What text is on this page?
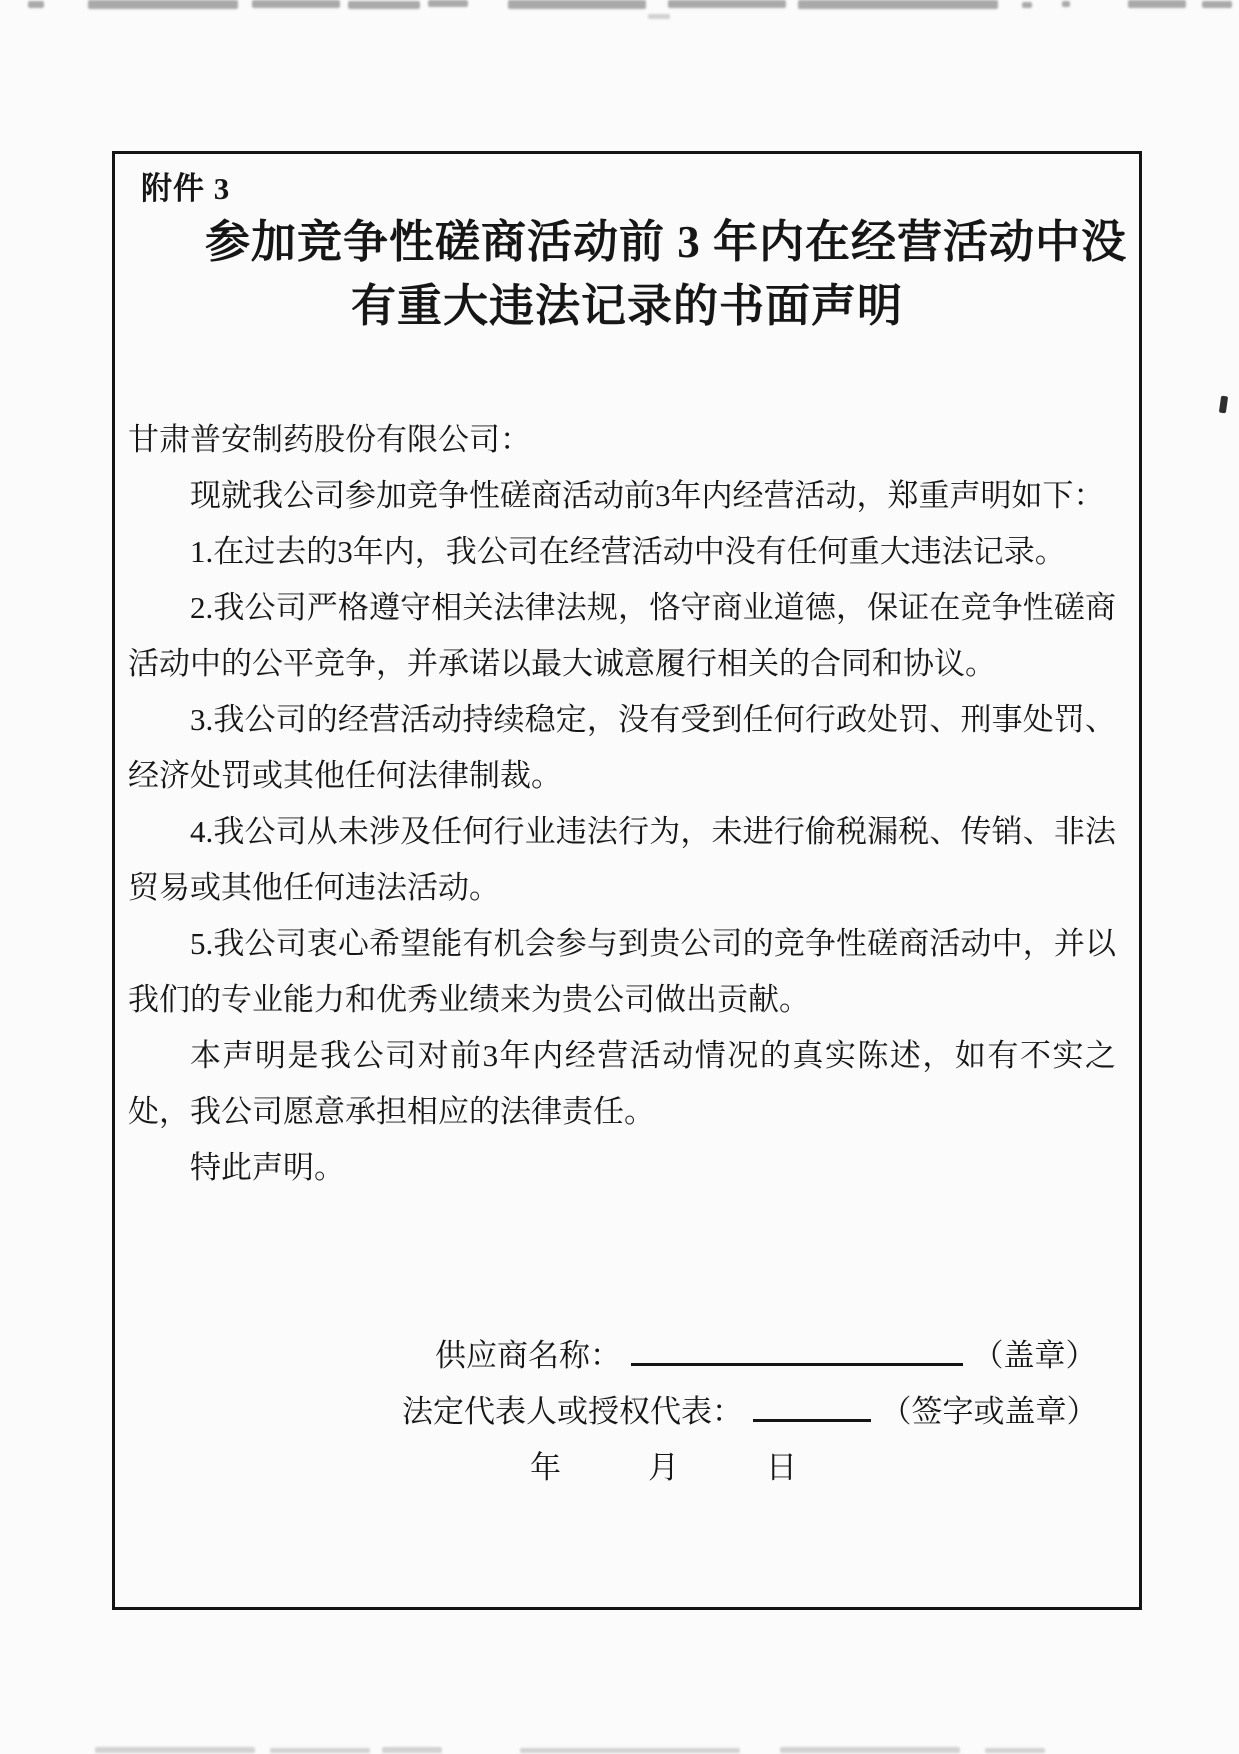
附件 3
参加竞争性磋商活动前 3 年内在经营活动中没
有重大违法记录的书面声明

甘肃普安制药股份有限公司：

现就我公司参加竞争性磋商活动前3年内经营活动，郑重声明如下：

1.在过去的3年内，我公司在经营活动中没有任何重大违法记录。

2.我公司严格遵守相关法律法规，恪守商业道德，保证在竞争性磋商活动中的公平竞争，并承诺以最大诚意履行相关的合同和协议。

3.我公司的经营活动持续稳定，没有受到任何行政处罚、刑事处罚、经济处罚或其他任何法律制裁。

4.我公司从未涉及任何行业违法行为，未进行偷税漏税、传销、非法贸易或其他任何违法活动。

5.我公司衷心希望能有机会参与到贵公司的竞争性磋商活动中，并以我们的专业能力和优秀业绩来为贵公司做出贡献。

本声明是我公司对前3年内经营活动情况的真实陈述，如有不实之处，我公司愿意承担相应的法律责任。

特此声明。

供应商名称：	（盖章）
法定代表人或授权代表：	（签字或盖章）
年	月	日
